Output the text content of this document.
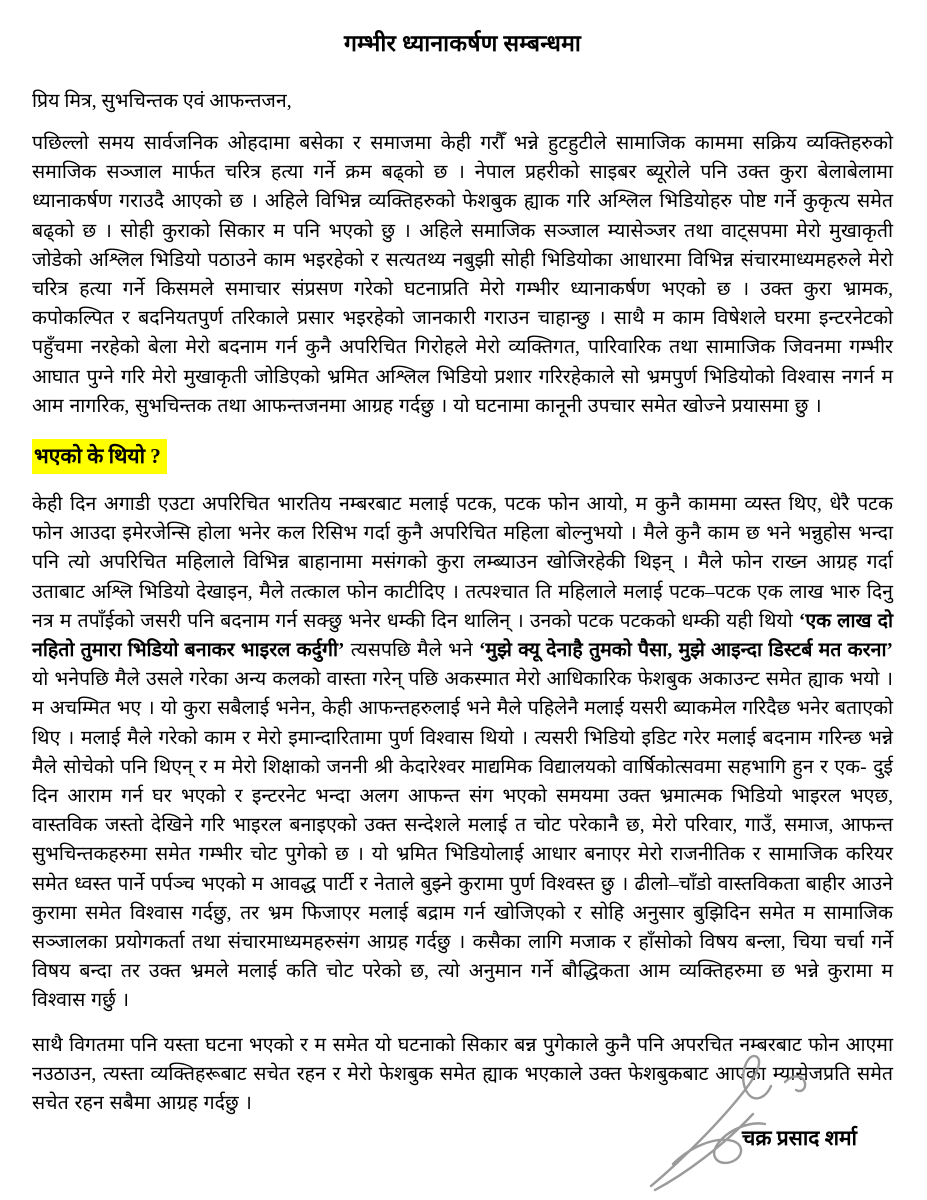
गम्भीर ध्यानाकर्षण सम्बन्धमा

प्रिय मित्र, सुभचिन्तक एवं आफन्तजन,

पछिल्लो समय सार्वजनिक ओहदामा बसेका र समाजमा केही गरौँ भन्ने हुटहुटीले सामाजिक काममा सक्रिय व्यक्तिहरुको समाजिक सञ्जाल मार्फत चरित्र हत्या गर्ने क्रम बढ्को छ । नेपाल प्रहरीको साइबर ब्यूरोले पनि उक्त कुरा बेलाबेलामा ध्यानाकर्षण गराउदै आएको छ । अहिले विभिन्न व्यक्तिहरुको फेशबुक ह्याक गरि अश्लिल भिडियोहरु पोष्ट गर्ने कुकृत्य समेत बढ्को छ । सोही कुराको सिकार म पनि भएको छु । अहिले समाजिक सञ्जाल म्यासेञ्जर तथा वाट्सपमा मेरो मुखाकृती जोडेको अश्लिल भिडियो पठाउने काम भइरहेको र सत्यतथ्य नबुझी सोही भिडियोका आधारमा विभिन्न संचारमाध्यमहरुले मेरो चरित्र हत्या गर्ने किसमले समाचार संप्रसण गरेको घटनाप्रति मेरो गम्भीर ध्यानाकर्षण भएको छ । उक्त कुरा भ्रामक, कपोकल्पित र बदनियतपुर्ण तरिकाले प्रसार भइरहेको जानकारी गराउन चाहान्छु । साथै म काम विषेशले घरमा इन्टरनेटको पहुँचमा नरहेको बेला मेरो बदनाम गर्न कुनै अपरिचित गिरोहले मेरो व्यक्तिगत, पारिवारिक तथा सामाजिक जिवनमा गम्भीर आघात पुग्ने गरि मेरो मुखाकृती जोडिएको भ्रमित अश्लिल भिडियो प्रशार गरिरहेकाले सो भ्रमपुर्ण भिडियोको विश्वास नगर्न म आम नागरिक, सुभचिन्तक तथा आफन्तजनमा आग्रह गर्दछु । यो घटनामा कानूनी उपचार समेत खोज्ने प्रयासमा छु ।

भएको के थियो ?

केही दिन अगाडी एउटा अपरिचित भारतिय नम्बरबाट मलाई पटक, पटक फोन आयो, म कुनै काममा व्यस्त थिए, धेरै पटक फोन आउदा इमेरजेन्सि होला भनेर कल रिसिभ गर्दा कुनै अपरिचित महिला बोल्नुभयो । मैले कुनै काम छ भने भन्नुहोस भन्दा पनि त्यो अपरिचित महिलाले विभिन्न बाहानामा मसंगको कुरा लम्ब्याउन खोजिरहेकी थिइन् । मैले फोन राख्न आग्रह गर्दा उताबाट अश्लि भिडियो देखाइन, मैले तत्काल फोन काटीदिए । तत्पश्चात ति महिलाले मलाई पटक–पटक एक लाख भारु दिनु नत्र म तपाँईको जसरी पनि बदनाम गर्न सक्छु भनेर धम्की दिन थालिन् । उनको पटक पटकको धम्की यही थियो ‘एक लाख दो नहितो तुमारा भिडियो बनाकर भाइरल कर्दुगी’ त्यसपछि मैले भने ‘मुझे क्यू देनाहै तुमको पैसा, मुझे आइन्दा डिस्टर्ब मत करना’ यो भनेपछि मैले उसले गरेका अन्य कलको वास्ता गरेन् पछि अकस्मात मेरो आधिकारिक फेशबुक अकाउन्ट समेत ह्याक भयो । म अचम्मित भए । यो कुरा सबैलाई भनेन, केही आफन्तहरुलाई भने मैले पहिलेनै मलाई यसरी ब्याकमेल गरिदैछ भनेर बताएको थिए । मलाई मैले गरेको काम र मेरो इमान्दारितामा पुर्ण विश्वास थियो । त्यसरी भिडियो इडिट गरेर मलाई बदनाम गरिन्छ भन्ने मैले सोचेको पनि थिएन् र म मेरो शिक्षाको जननी श्री केदारेश्वर माद्यमिक विद्यालयको वार्षिकोत्सवमा सहभागि हुन र एक- दुई दिन आराम गर्न घर भएको र इन्टरनेट भन्दा अलग आफन्त संग भएको समयमा उक्त भ्रमात्मक भिडियो भाइरल भएछ, वास्तविक जस्तो देखिने गरि भाइरल बनाइएको उक्त सन्देशले मलाई त चोट परेकानै छ, मेरो परिवार, गाउँ, समाज, आफन्त सुभचिन्तकहरुमा समेत गम्भीर चोट पुगेको छ । यो भ्रमित भिडियोलाई आधार बनाएर मेरो राजनीतिक र सामाजिक करियर समेत ध्वस्त पार्ने पर्पञ्च भएको म आवद्ध पार्टी र नेताले बुझ्ने कुरामा पुर्ण विश्वस्त छु । ढीलो–चाँडो वास्तविकता बाहीर आउने कुरामा समेत विश्वास गर्दछु, तर भ्रम फिजाएर मलाई बद्राम गर्न खोजिएको र सोहि अनुसार बुझिदिन समेत म सामाजिक सञ्जालका प्रयोगकर्ता तथा संचारमाध्यमहरुसंग आग्रह गर्दछु । कसैका लागि मजाक र हाँसोको विषय बन्ला, चिया चर्चा गर्ने विषय बन्दा तर उक्त भ्रमले मलाई कति चोट परेको छ, त्यो अनुमान गर्ने बौद्धिकता आम व्यक्तिहरुमा छ भन्ने कुरामा म विश्वास गर्छु ।

साथै विगतमा पनि यस्ता घटना भएको र म समेत यो घटनाको सिकार बन्न पुगेकाले कुनै पनि अपरचित नम्बरबाट फोन आएमा नउठाउन, त्यस्ता व्यक्तिहरूबाट सचेत रहन र मेरो फेशबुक समेत ह्याक भएकाले उक्त फेशबुकबाट आएका म्यासेजप्रति समेत सचेत रहन सबैमा आग्रह गर्दछु ।

चक्र प्रसाद शर्मा
